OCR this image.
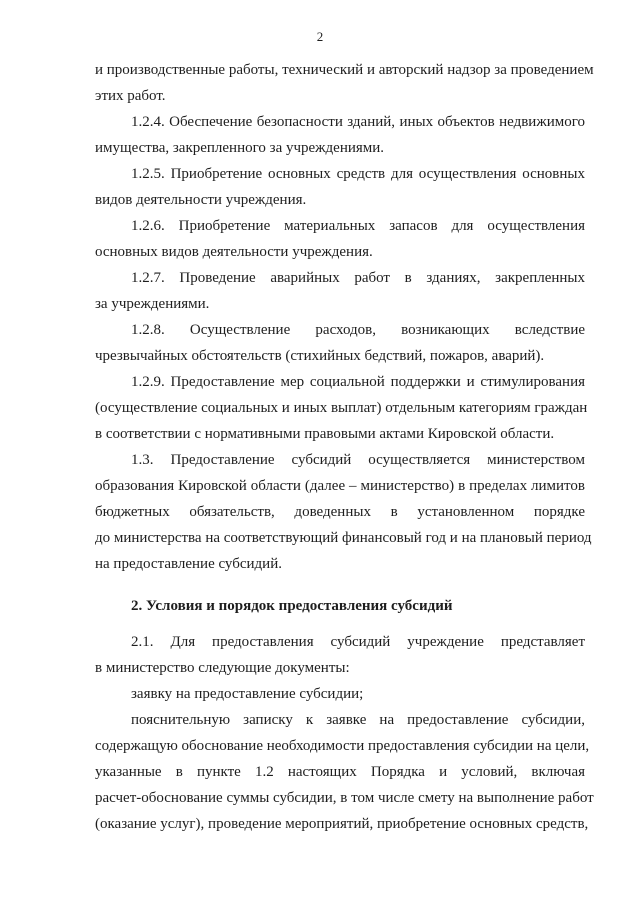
2
и производственные работы, технический и авторский надзор за проведением
этих работ.
1.2.4. Обеспечение безопасности зданий, иных объектов недвижимого
имущества, закрепленного за учреждениями.
1.2.5. Приобретение основных средств для осуществления основных
видов деятельности учреждения.
1.2.6. Приобретение материальных запасов для осуществления
основных видов деятельности учреждения.
1.2.7. Проведение аварийных работ в зданиях, закрепленных
за учреждениями.
1.2.8. Осуществление расходов, возникающих вследствие
чрезвычайных обстоятельств (стихийных бедствий, пожаров, аварий).
1.2.9. Предоставление мер социальной поддержки и стимулирования
(осуществление социальных и иных выплат) отдельным категориям граждан
в соответствии с нормативными правовыми актами Кировской области.
1.3. Предоставление субсидий осуществляется министерством
образования Кировской области (далее – министерство) в пределах лимитов
бюджетных обязательств, доведенных в установленном порядке
до министерства на соответствующий финансовый год и на плановый период
на предоставление субсидий.
2. Условия и порядок предоставления субсидий
2.1. Для предоставления субсидий учреждение представляет
в министерство следующие документы:
заявку на предоставление субсидии;
пояснительную записку к заявке на предоставление субсидии,
содержащую обоснование необходимости предоставления субсидии на цели,
указанные в пункте 1.2 настоящих Порядка и условий, включая
расчет-обоснование суммы субсидии, в том числе смету на выполнение работ
(оказание услуг), проведение мероприятий, приобретение основных средств,
